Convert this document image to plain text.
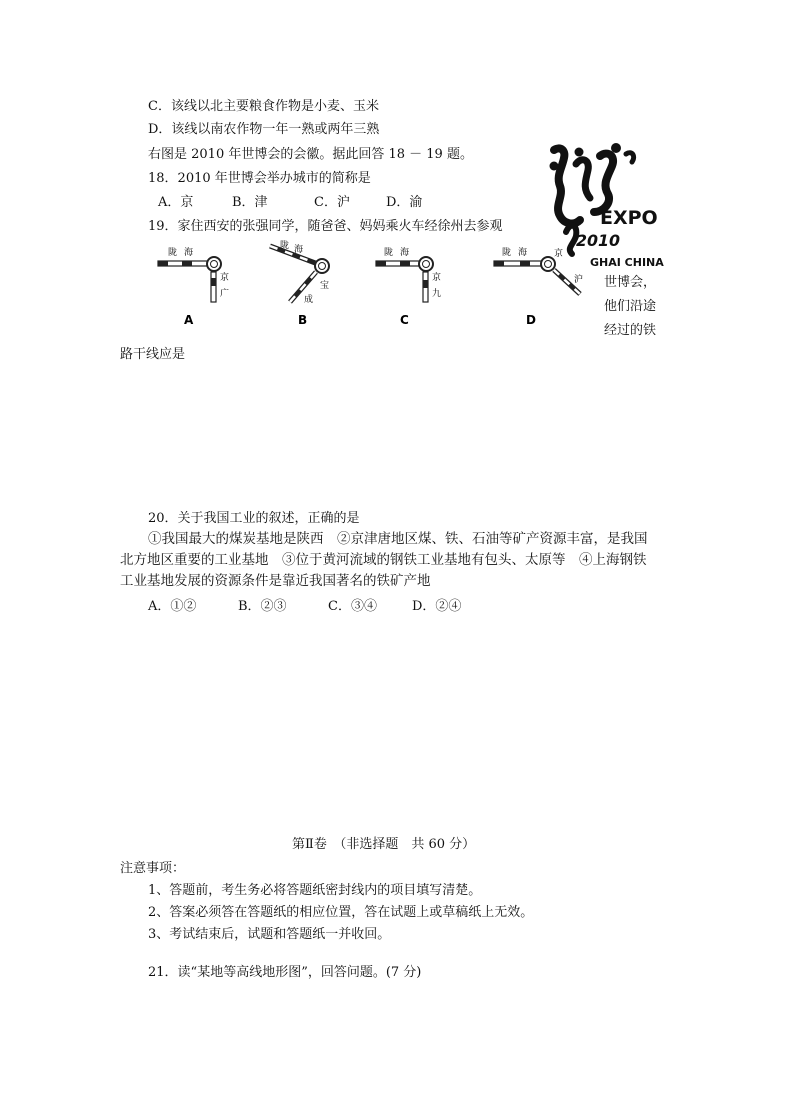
C．该线以北主要粮食作物是小麦、玉米
D．该线以南农作物一年一熟或两年三熟
右图是 2010 年世博会的会徽。据此回答 18 － 19 题。
18．2010 年世博会举办城市的简称是
A．京	B．津	C．沪	D．渝
19．家住西安的张强同学，随爸爸、妈妈乘火车经徐州去参观
世博会，
他们沿途
经过的铁
路干线应是
陇 海
京
广
A
陇 海
宝
成
B
陇 海
京
九
C
陇 海	京
沪
D
EXPO
2010
GHAI CHINA
20．关于我国工业的叙述，正确的是
①我国最大的煤炭基地是陕西　②京津唐地区煤、铁、石油等矿产资源丰富，是我国
北方地区重要的工业基地　③位于黄河流域的钢铁工业基地有包头、太原等　④上海钢铁
工业基地发展的资源条件是靠近我国著名的铁矿产地
A．①②	B．②③	C．③④	D．②④
第Ⅱ卷　（非选择题　共 60 分）
注意事项：
1、答题前，考生务必将答题纸密封线内的项目填写清楚。
2、答案必须答在答题纸的相应位置，答在试题上或草稿纸上无效。
3、考试结束后，试题和答题纸一并收回。
21．读“某地等高线地形图”，回答问题。(7 分)
